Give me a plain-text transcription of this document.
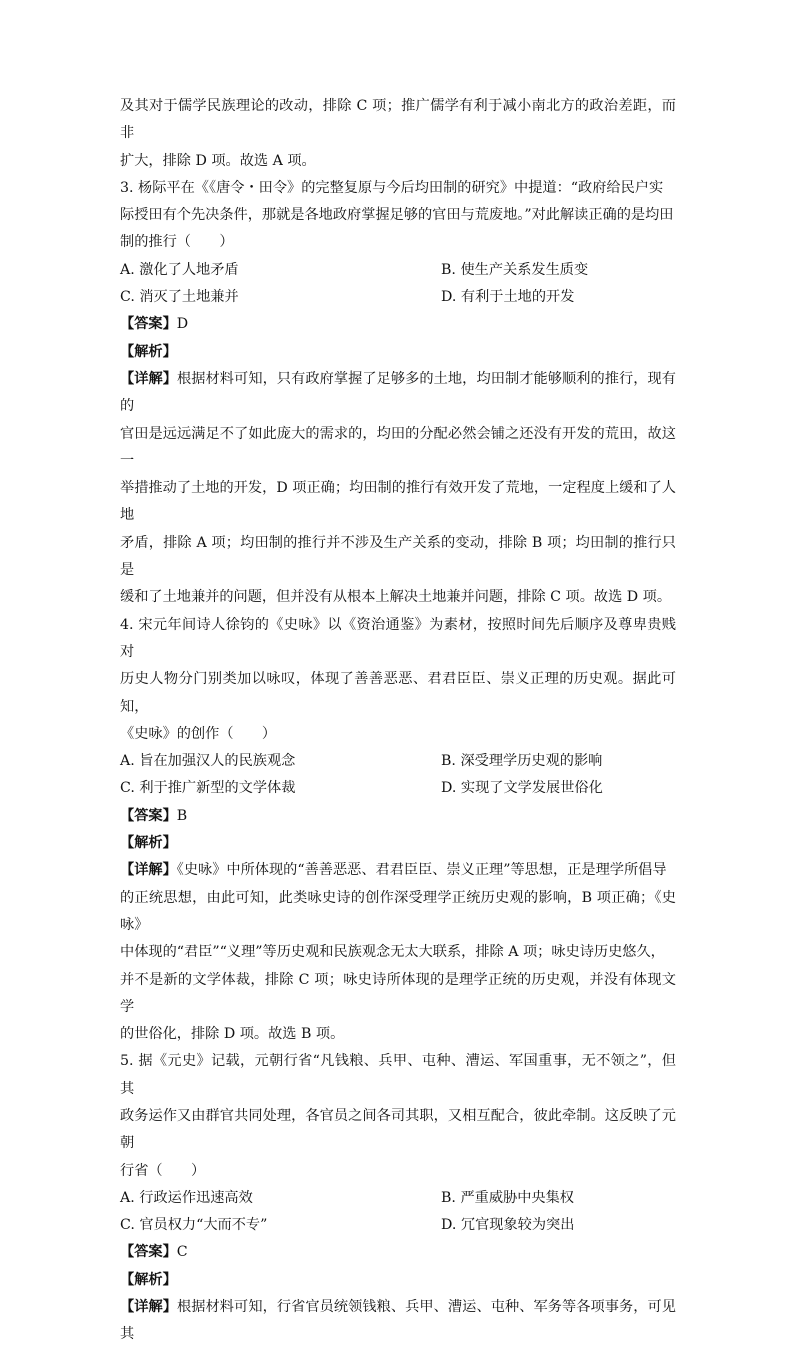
及其对于儒学民族理论的改动，排除 C 项；推广儒学有利于减小南北方的政治差距，而非

扩大，排除 D 项。故选 A 项。

3. 杨际平在《《唐令・田令》的完整复原与今后均田制的研究》中提道：“政府给民户实

际授田有个先决条件，那就是各地政府掌握足够的官田与荒废地。”对此解读正确的是均田

制的推行（　　）

A. 激化了人地矛盾	B. 使生产关系发生质变
C. 消灭了土地兼并	D. 有利于土地的开发

【答案】D

【解析】

【详解】根据材料可知，只有政府掌握了足够多的土地，均田制才能够顺利的推行，现有的

官田是远远满足不了如此庞大的需求的，均田的分配必然会铺之还没有开发的荒田，故这一

举措推动了土地的开发，D 项正确；均田制的推行有效开发了荒地，一定程度上缓和了人地

矛盾，排除 A 项；均田制的推行并不涉及生产关系的变动，排除 B 项；均田制的推行只是

缓和了土地兼并的问题，但并没有从根本上解决土地兼并问题，排除 C 项。故选 D 项。

4. 宋元年间诗人徐钧的《史咏》以《资治通鉴》为素材，按照时间先后顺序及尊卑贵贱对

历史人物分门别类加以咏叹，体现了善善恶恶、君君臣臣、崇义正理的历史观。据此可知，

《史咏》的创作（　　）

A. 旨在加强汉人的民族观念	B. 深受理学历史观的影响
C. 利于推广新型的文学体裁	D. 实现了文学发展世俗化

【答案】B

【解析】

【详解】《史咏》中所体现的“善善恶恶、君君臣臣、崇义正理”等思想，正是理学所倡导

的正统思想，由此可知，此类咏史诗的创作深受理学正统历史观的影响，B 项正确；《史咏》

中体现的“君臣”“义理”等历史观和民族观念无太大联系，排除 A 项；咏史诗历史悠久，

并不是新的文学体裁，排除 C 项；咏史诗所体现的是理学正统的历史观，并没有体现文学

的世俗化，排除 D 项。故选 B 项。

5. 据《元史》记载，元朝行省“凡钱粮、兵甲、屯种、漕运、军国重事，无不领之”，但其

政务运作又由群官共同处理，各官员之间各司其职，又相互配合，彼此牵制。这反映了元朝

行省（　　）

A. 行政运作迅速高效	B. 严重威胁中央集权
C. 官员权力“大而不专”	D. 冗官现象较为突出

【答案】C

【解析】

【详解】根据材料可知，行省官员统领钱粮、兵甲、漕运、屯种、军务等各项事务，可见其
